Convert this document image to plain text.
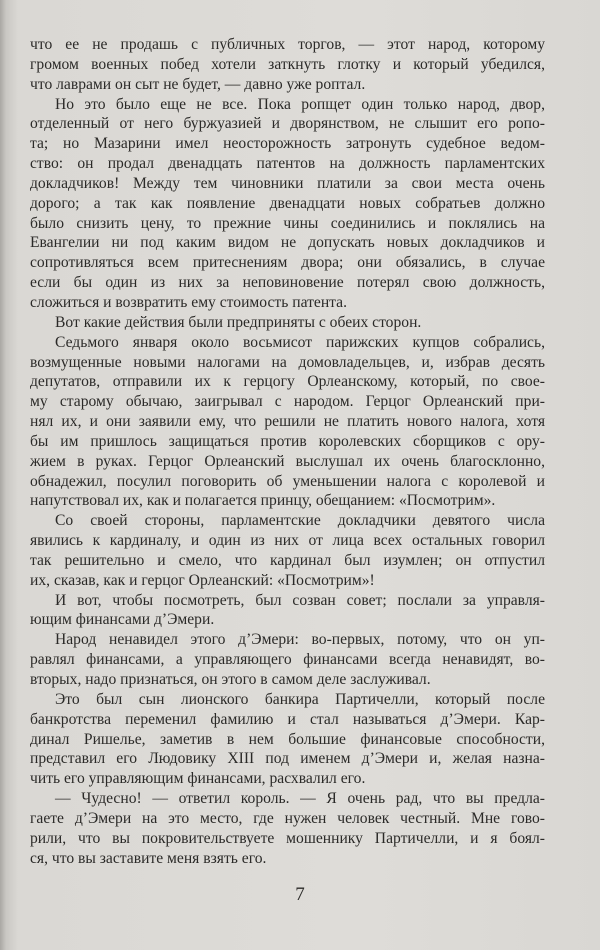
что ее не продашь с публичных торгов, — этот народ, которому
громом военных побед хотели заткнуть глотку и который убедился,
что лаврами он сыт не будет, — давно уже роптал.
Но это было еще не все. Пока ропщет один только народ, двор,
отделенный от него буржуазией и дворянством, не слышит его ропо-
та; но Мазарини имел неосторожность затронуть судебное ведом-
ство: он продал двенадцать патентов на должность парламентских
докладчиков! Между тем чиновники платили за свои места очень
дорого; а так как появление двенадцати новых собратьев должно
было снизить цену, то прежние чины соединились и поклялись на
Евангелии ни под каким видом не допускать новых докладчиков и
сопротивляться всем притеснениям двора; они обязались, в случае
если бы один из них за неповиновение потерял свою должность,
сложиться и возвратить ему стоимость патента.
Вот какие действия были предприняты с обеих сторон.
Седьмого января около восьмисот парижских купцов собрались,
возмущенные новыми налогами на домовладельцев, и, избрав десять
депутатов, отправили их к герцогу Орлеанскому, который, по свое-
му старому обычаю, заигрывал с народом. Герцог Орлеанский при-
нял их, и они заявили ему, что решили не платить нового налога, хотя
бы им пришлось защищаться против королевских сборщиков с ору-
жием в руках. Герцог Орлеанский выслушал их очень благосклонно,
обнадежил, посулил поговорить об уменьшении налога с королевой и
напутствовал их, как и полагается принцу, обещанием: «Посмотрим».
Со своей стороны, парламентские докладчики девятого числа
явились к кардиналу, и один из них от лица всех остальных говорил
так решительно и смело, что кардинал был изумлен; он отпустил
их, сказав, как и герцог Орлеанский: «Посмотрим»!
И вот, чтобы посмотреть, был созван совет; послали за управля-
ющим финансами д’Эмери.
Народ ненавидел этого д’Эмери: во-первых, потому, что он уп-
равлял финансами, а управляющего финансами всегда ненавидят, во-
вторых, надо признаться, он этого в самом деле заслуживал.
Это был сын лионского банкира Партичелли, который после
банкротства переменил фамилию и стал называться д’Эмери. Кар-
динал Ришелье, заметив в нем большие финансовые способности,
представил его Людовику XIII под именем д’Эмери и, желая назна-
чить его управляющим финансами, расхвалил его.
— Чудесно! — ответил король. — Я очень рад, что вы предла-
гаете д’Эмери на это место, где нужен человек честный. Мне гово-
рили, что вы покровительствуете мошеннику Партичелли, и я боял-
ся, что вы заставите меня взять его.
7
